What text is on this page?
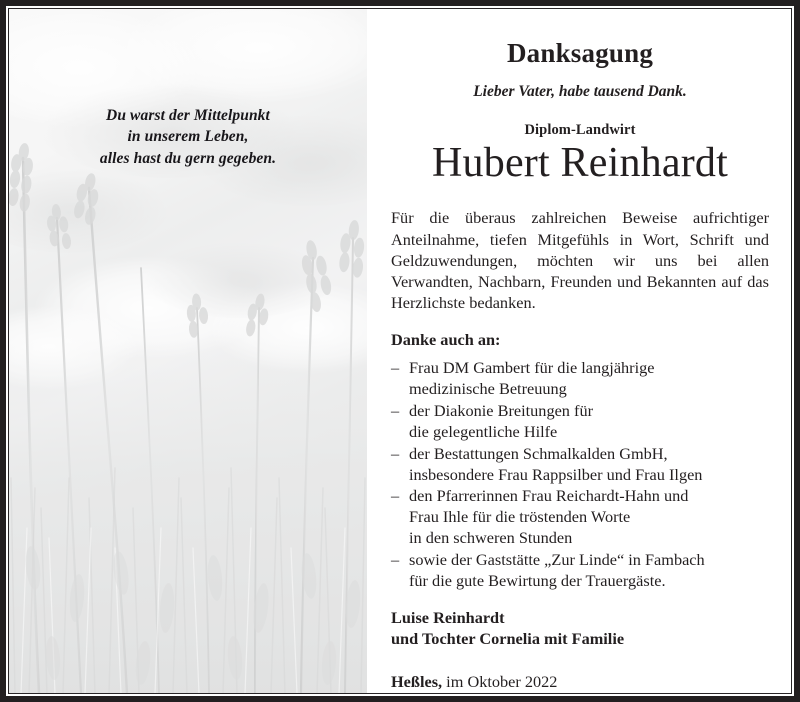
Du warst der Mittelpunkt
in unserem Leben,
alles hast du gern gegeben.
Danksagung
Lieber Vater, habe tausend Dank.
Diplom-Landwirt
Hubert Reinhardt

Für die überaus zahlreichen Beweise aufrichtiger Anteilnahme, tiefen Mitgefühls in Wort, Schrift und Geldzuwendungen, möchten wir uns bei allen Verwandten, Nachbarn, Freunden und Bekannten auf das Herzlichste bedanken.

Danke auch an:
– Frau DM Gambert für die langjährige
medizinische Betreuung
– der Diakonie Breitungen für
die gelegentliche Hilfe
– der Bestattungen Schmalkalden GmbH,
insbesondere Frau Rappsilber und Frau Ilgen
– den Pfarrerinnen Frau Reichardt-Hahn und
Frau Ihle für die tröstenden Worte
in den schweren Stunden
– sowie der Gaststätte „Zur Linde“ in Fambach
für die gute Bewirtung der Trauergäste.
Luise Reinhardt
und Tochter Cornelia mit Familie
Heßles, im Oktober 2022
